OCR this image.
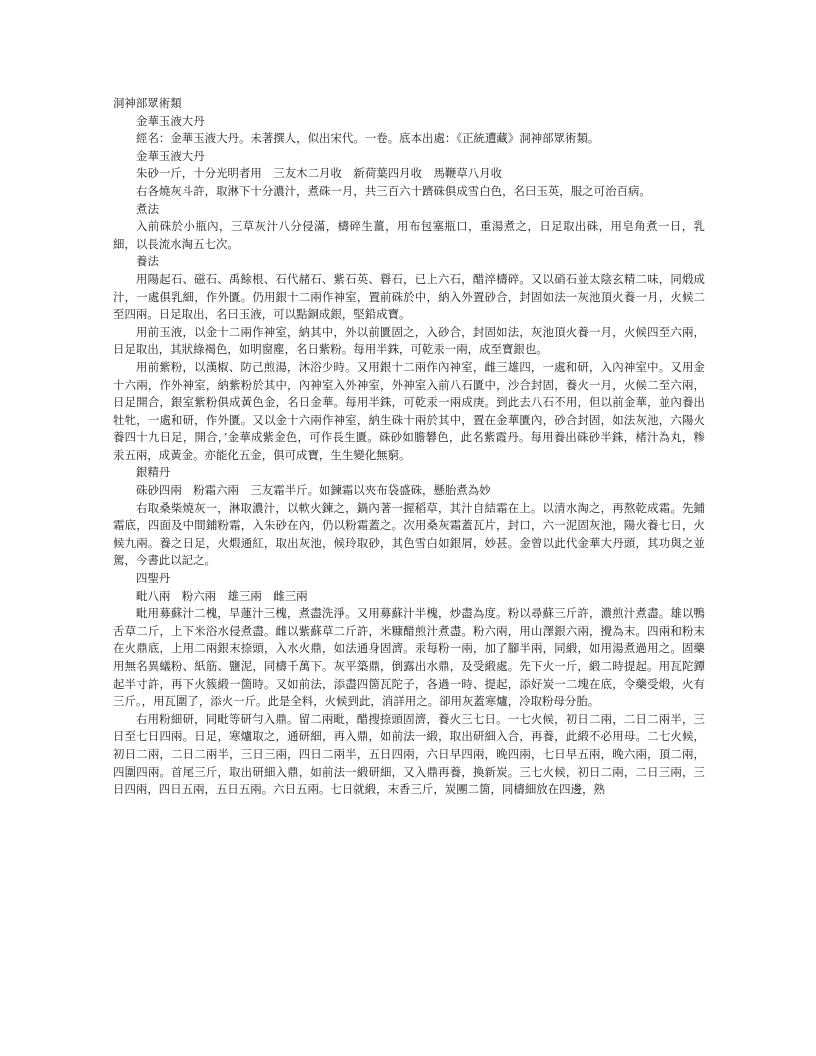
洞神部眾術類

金華玉液大丹

經名：金華玉液大丹。未著撰人，似出宋代。一卷。底本出處：《正統遭藏》洞神部眾術類。

金華玉液大丹

朱砂一斤，十分光明者用　三友木二月收　新荷葉四月收　馬鞭草八月收

右各燒灰斗許，取淋下十分濃汁，煮硃一月，共三百六十躋硃俱成雪白色，名曰玉英，服之可治百病。

煮法

入前硃於小瓶內，三草灰汁八分侵滿，檮碎生薑，用布包塞瓶口，重湯煮之，日足取出硃，用皂角煮一日，乳細，以長流水淘五七次。

養法

用陽起石、磁石、禹餘根、石代赭石、紫石英、礜石，已上六石，醋淬檮碎。又以硝石並太陰玄精二味，同煅成汁，一處俱乳細，作外匱。仍用銀十二兩作神室，置前硃於中，納入外置砂合，封固如法一灰池頂火養一月，火候二至四兩。日足取出，名曰玉液，可以點銅成銀，堅鉛成寶。

用前玉液，以金十二兩作神室，納其中，外以前匱固之，入砂合，封固如法，灰池頂火養一月，火候四至六兩，日足取出，其狀綠褐色，如明窗塵，名日紫粉。每用半銖，可乾汞一兩，成至寶銀也。

用前紫粉，以漢椒、防己煎湯，沐浴少時。又用銀十二兩作內神室，雌三雄四，一處和研，入內神室中。又用金十六兩，作外神室，納紫粉於其中，內神室入外神室，外神室入前八石匱中，沙合封固，養火一月，火候二至六兩，日足開合，銀室紫粉俱成黃色金，名日金華。每用半銖，可乾汞一兩成庚。到此去八石不用，但以前金華，並內養出牡牝，一處和研，作外匱。又以金十六兩作神室，納生硃十兩於其中，置在金華匱內，砂合封固，如法灰池，六陽火養四十九日足，開合，’金華成紫金色，可作長生匱。硃砂如膽礬色，此名紫霞丹。每用養出硃砂半銖，楮汁為丸，糁汞五兩，成黃金。亦能化五金，俱可成寶，生生變化無窮。

銀精丹

硃砂四兩　粉霜六兩　三友霜半斤。如鍊霜以夾布袋盛硃，懸胎煮為妙

右取桑柴燒灰一，淋取濃汁，以軟火鍊之，鍋內著一握稻草，其汁自結霜在上。以清水淘之，再熬乾成霜。先鋪霜底，四面及中間鋪粉霜，入朱砂在內，仍以粉霜蓋之。次用桑灰霜蓋瓦片，封口，六一泥固灰池，陽火養七日，火候九兩。養之日足，火煆通紅，取出灰池，候玲取砂，其色雪白如銀屑，妙甚。金曾以此代金華大丹頭，其功與之並駕，今書此以記之。

四聖丹

毗八兩　粉六兩　雄三兩　雌三兩

毗用募蘇汁二槐，旱蓮汁三槐，煮盡洗淨。又用募蘇汁半槐，炒盡為度。粉以尋蘇三斤許，濃煎汁煮盡。雄以鴨舌草二斤，上下米浴水侵煮盡。雌以紫蘇草二斤許，米糠醋煎汁煮盡。粉六兩，用山澤銀六兩，攪為末。四兩和粉末在火鼎底，上用二兩銀末捺頭，入水火鼎，如法通身固濟。汞每粉一兩，加了腳半兩，同緞，如用湯煮過用之。固藥用無名異蟻粉、紙筋、鹽泥，同檮千萬下。灰平築鼎，倒露出水鼎，及受緞處。先下火一斤，緞二時提起。用瓦陀鐔起半寸許，再下火簇緞一箇時。又如前法，添盡四箇瓦陀子，各過一時、提起，添好炭一二塊在底，令藥受煅，火有三斤。，用瓦圍了，添火一斤。此是全料，火候到此，消詳用之。卻用灰蓋寒爐，冷取粉母分胎。

右用粉細研，同毗等研勻入鼎。留二兩毗，醋搜捺頭固濟，養火三七日。一七火候，初日二兩，二日二兩半，三日至七日四兩。日足，寒爐取之，通研細，再入鼎，如前法一緞，取出研細入合，再養，此緞不必用母。二七火候，初日二兩，二日二兩半，三日三兩，四日二兩半，五日四兩，六日早四兩，晚四兩，七日早五兩，晚六兩，頂二兩，四圍四兩。首尾三斤，取出研細入鼎，如前法一緞研細，又入鼎再養，換新炭。三七火候，初日二兩，二日三兩，三日四兩，四日五兩，五日五兩。六日五兩。七日就緞，末香三斤，炭團二箇，同檮細放在四邊，熟
